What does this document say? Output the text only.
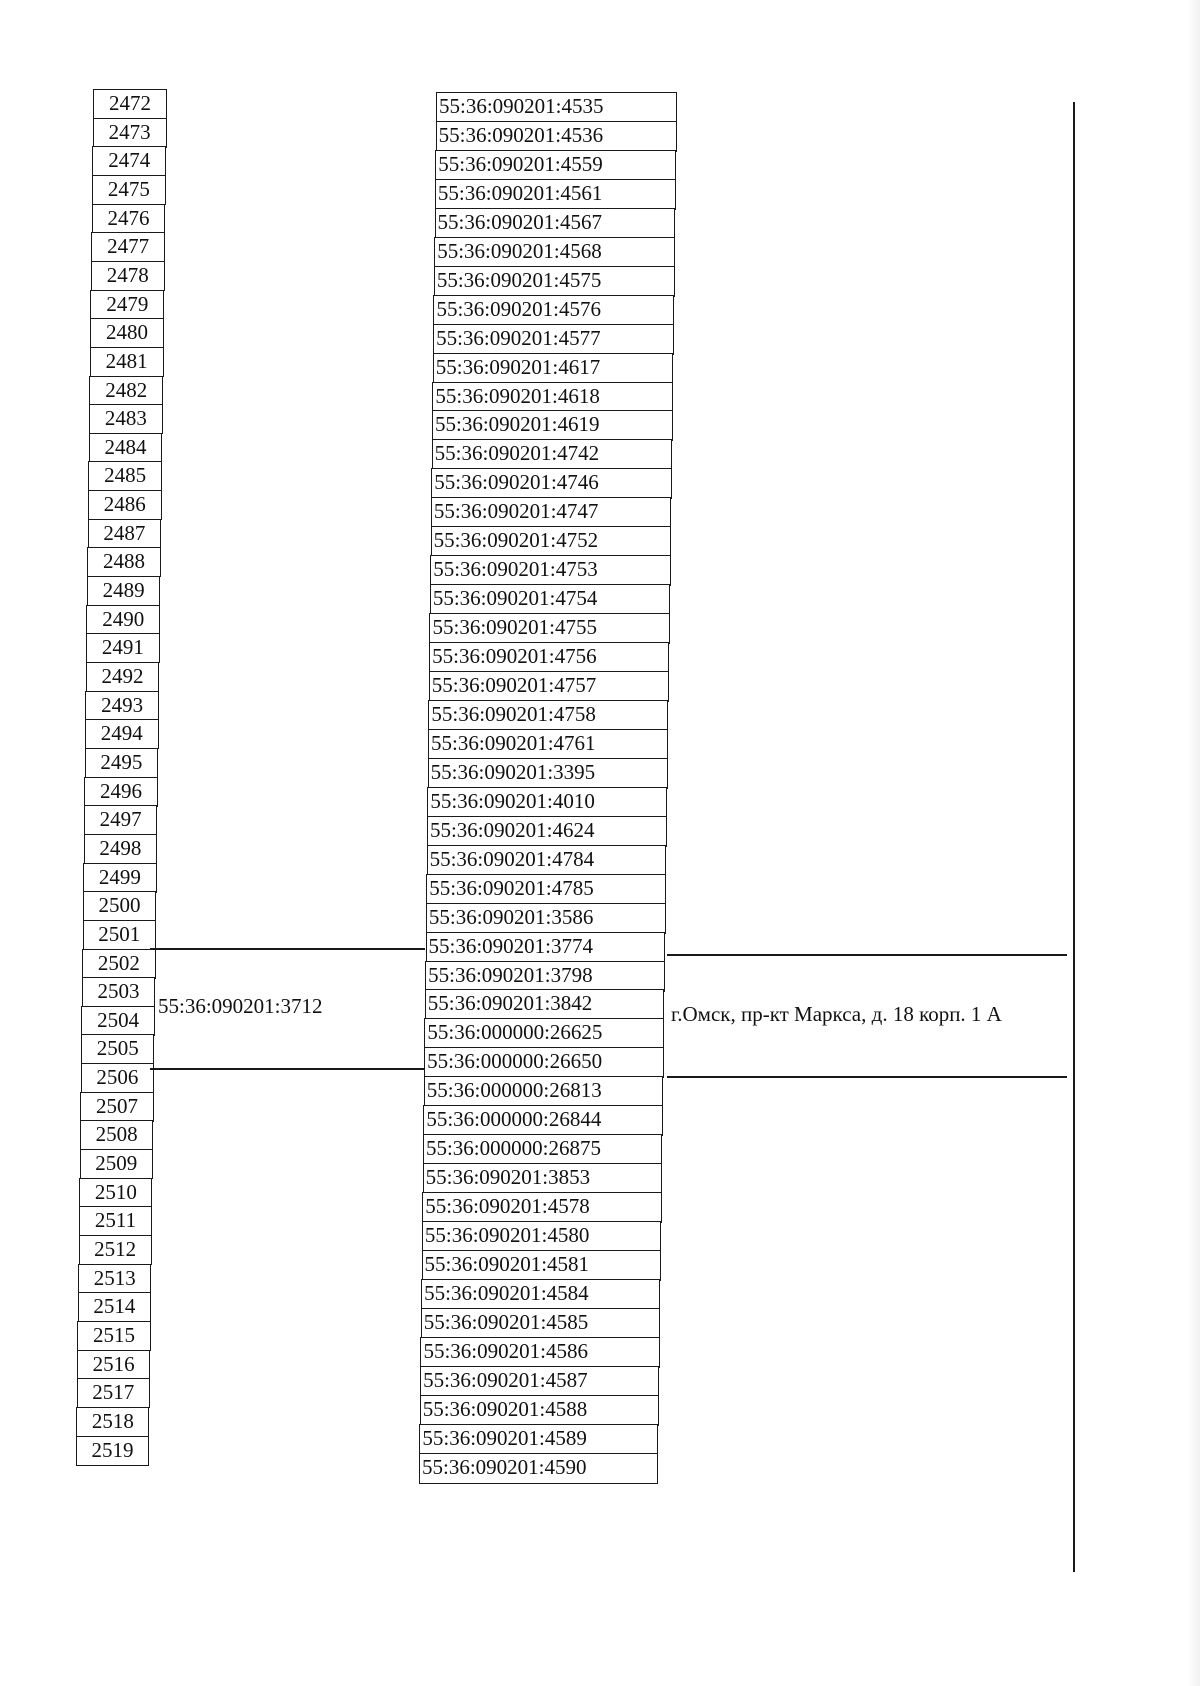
2472
2473
2474
2475
2476
2477
2478
2479
2480
2481
2482
2483
2484
2485
2486
2487
2488
2489
2490
2491
2492
2493
2494
2495
2496
2497
2498
2499
2500
2501
2502
2503
2504
2505
2506
2507
2508
2509
2510
2511
2512
2513
2514
2515
2516
2517
2518
2519
55:36:090201:4535
55:36:090201:4536
55:36:090201:4559
55:36:090201:4561
55:36:090201:4567
55:36:090201:4568
55:36:090201:4575
55:36:090201:4576
55:36:090201:4577
55:36:090201:4617
55:36:090201:4618
55:36:090201:4619
55:36:090201:4742
55:36:090201:4746
55:36:090201:4747
55:36:090201:4752
55:36:090201:4753
55:36:090201:4754
55:36:090201:4755
55:36:090201:4756
55:36:090201:4757
55:36:090201:4758
55:36:090201:4761
55:36:090201:3395
55:36:090201:4010
55:36:090201:4624
55:36:090201:4784
55:36:090201:4785
55:36:090201:3586
55:36:090201:3774
55:36:090201:3798
55:36:090201:3842
55:36:000000:26625
55:36:000000:26650
55:36:000000:26813
55:36:000000:26844
55:36:000000:26875
55:36:090201:3853
55:36:090201:4578
55:36:090201:4580
55:36:090201:4581
55:36:090201:4584
55:36:090201:4585
55:36:090201:4586
55:36:090201:4587
55:36:090201:4588
55:36:090201:4589
55:36:090201:4590
55:36:090201:3712	г.Омск, пр-кт Маркса, д. 18 корп. 1 А
